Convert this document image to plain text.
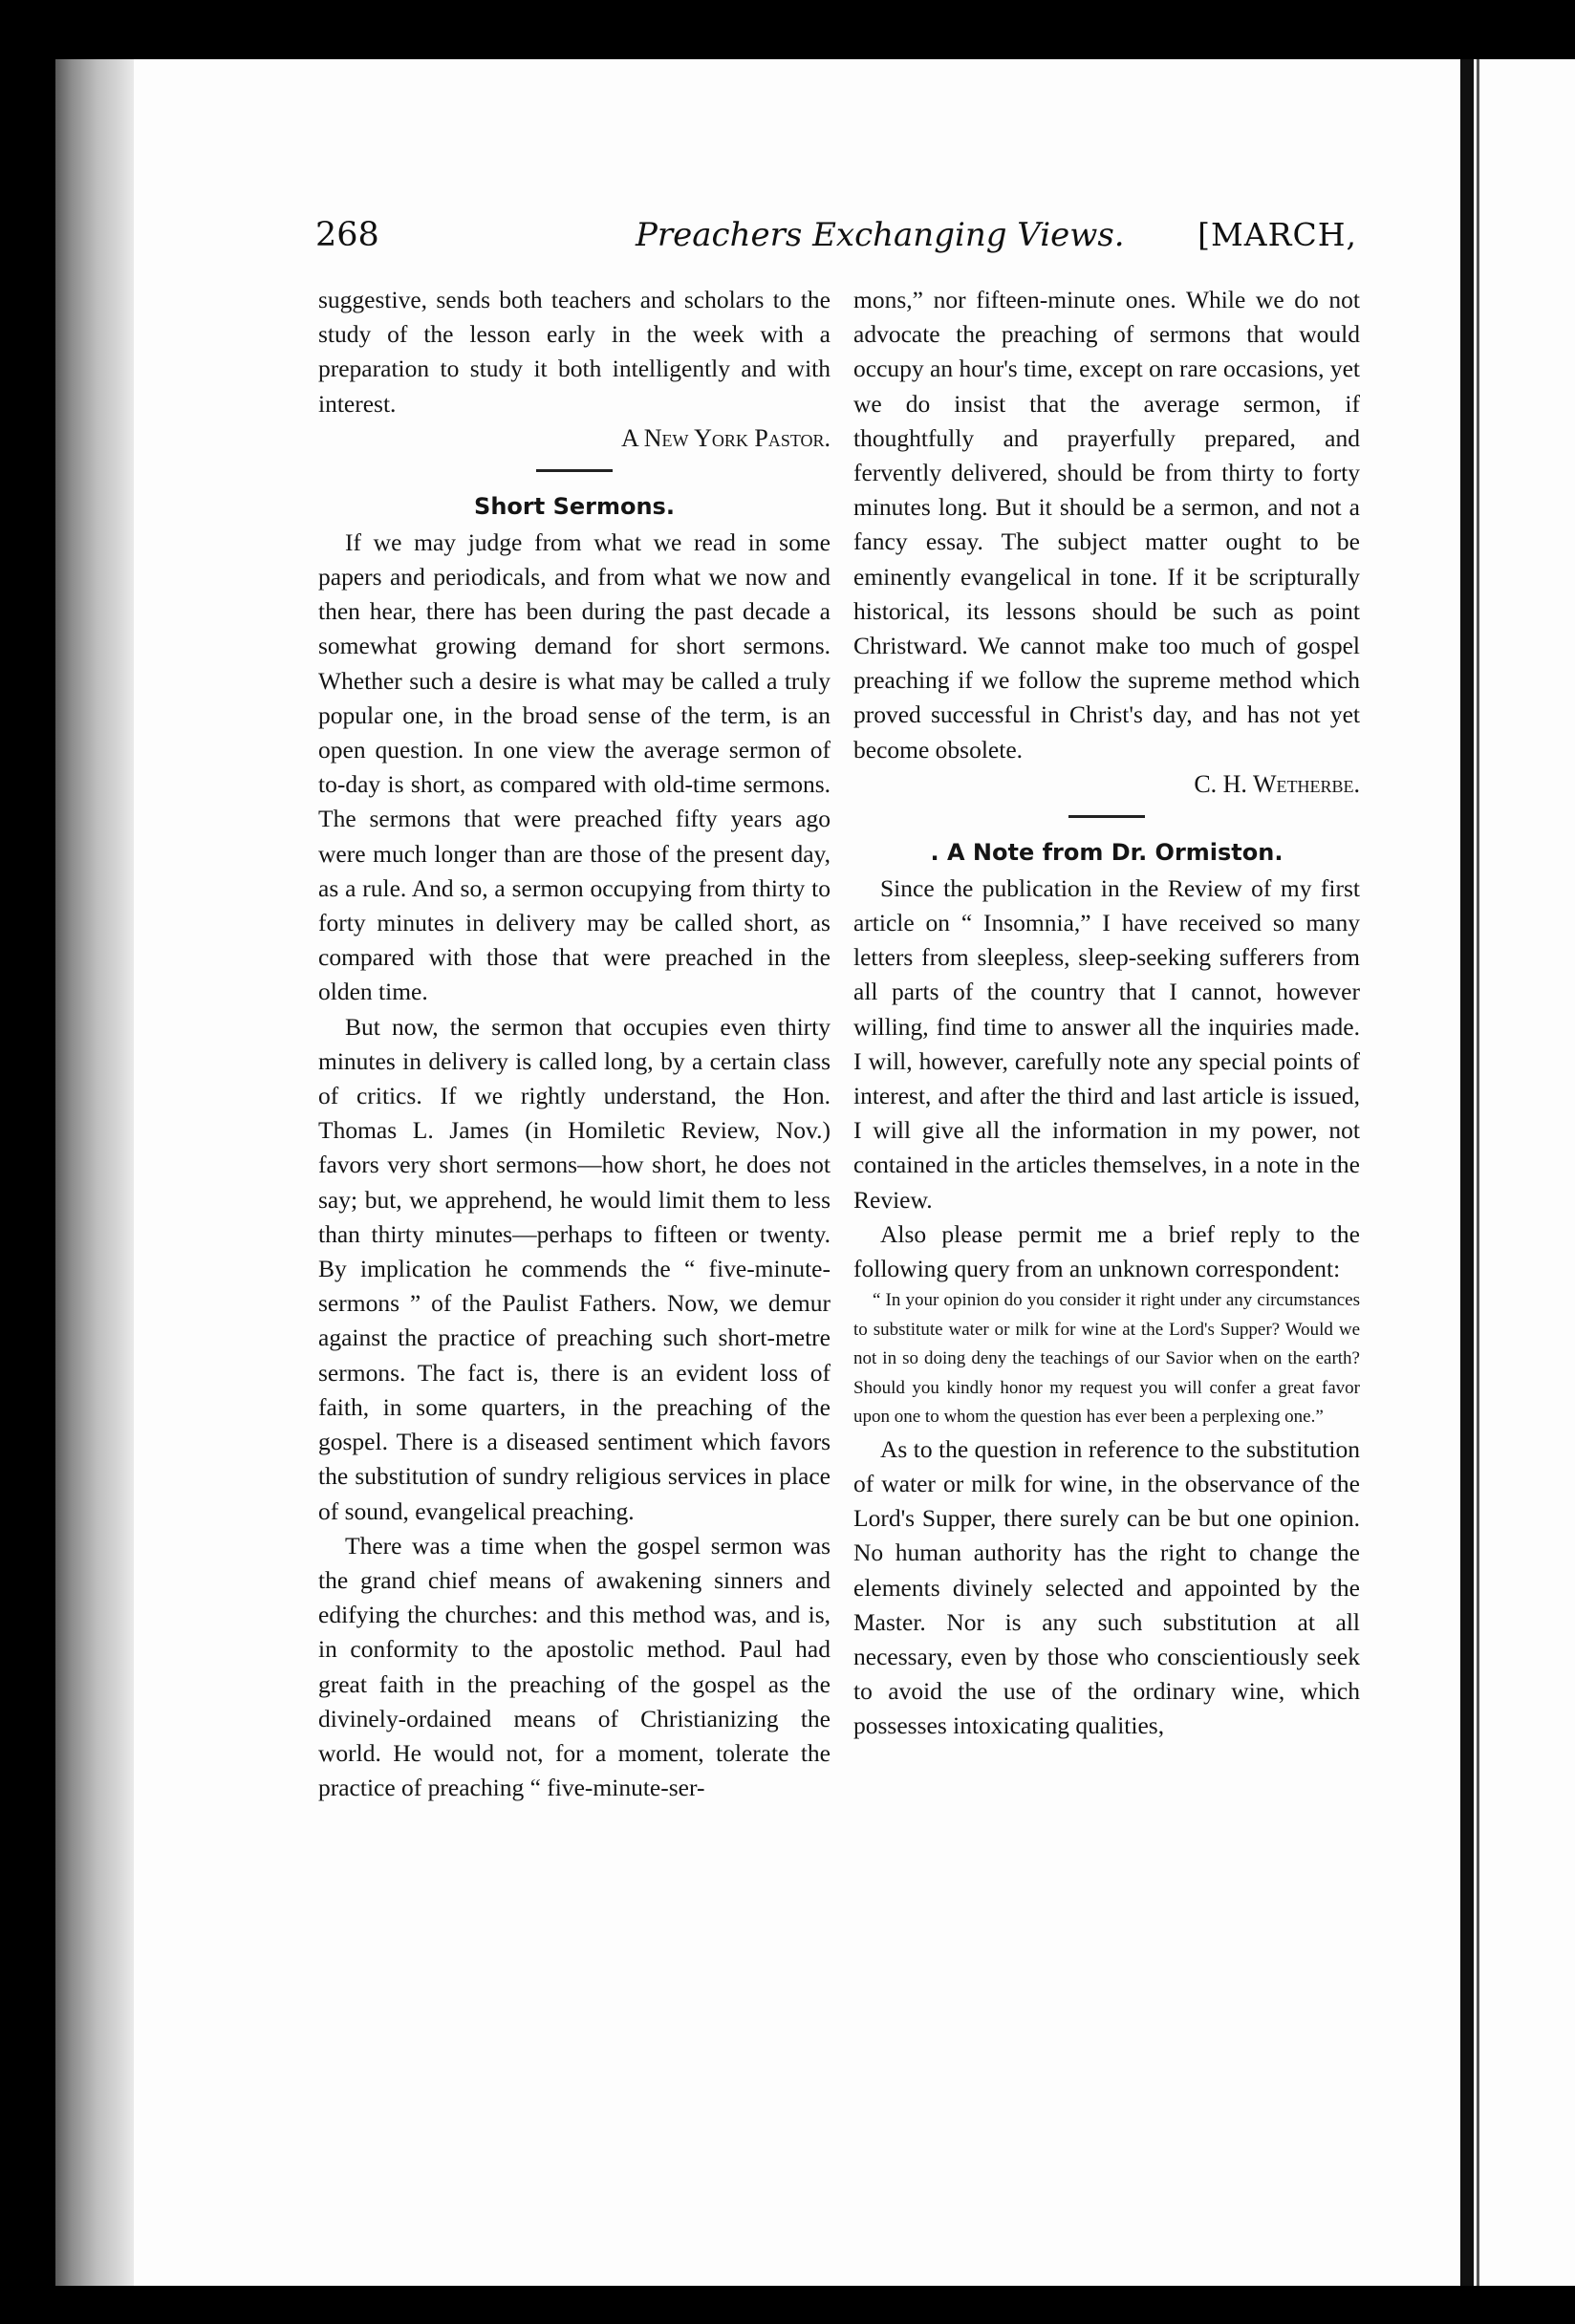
268	Preachers Exchanging Views. [MARCH,

suggestive, sends both teachers and scholars to the study of the lesson early in the week with a preparation to study it both intelligently and with interest.

A New York Pastor.
Short Sermons.

If we may judge from what we read in some papers and periodicals, and from what we now and then hear, there has been during the past decade a somewhat growing demand for short sermons. Whether such a desire is what may be called a truly popular one, in the broad sense of the term, is an open question. In one view the average sermon of to-day is short, as compared with old-time sermons. The sermons that were preached fifty years ago were much longer than are those of the present day, as a rule. And so, a sermon occupying from thirty to forty minutes in delivery may be called short, as compared with those that were preached in the olden time.

But now, the sermon that occupies even thirty minutes in delivery is called long, by a certain class of critics. If we rightly understand, the Hon. Thomas L. James (in Homiletic Review, Nov.) favors very short sermons—how short, he does not say; but, we apprehend, he would limit them to less than thirty minutes—perhaps to fifteen or twenty. By implication he commends the “ five-minute-sermons ” of the Paulist Fathers. Now, we demur against the practice of preaching such short-metre sermons. The fact is, there is an evident loss of faith, in some quarters, in the preaching of the gospel. There is a diseased sentiment which favors the substitution of sundry religious services in place of sound, evangelical preaching.

There was a time when the gospel sermon was the grand chief means of awakening sinners and edifying the churches: and this method was, and is, in conformity to the apostolic method. Paul had great faith in the preaching of the gospel as the divinely-ordained means of Christianizing the world. He would not, for a moment, tolerate the practice of preaching “ five-minute-ser-

mons,” nor fifteen-minute ones. While we do not advocate the preaching of sermons that would occupy an hour's time, except on rare occasions, yet we do insist that the average sermon, if thoughtfully and prayerfully prepared, and fervently delivered, should be from thirty to forty minutes long. But it should be a sermon, and not a fancy essay. The subject matter ought to be eminently evangelical in tone. If it be scripturally historical, its lessons should be such as point Christward. We cannot make too much of gospel preaching if we follow the supreme method which proved successful in Christ's day, and has not yet become obsolete.

C. H. Wetherbe.
. A Note from Dr. Ormiston.

Since the publication in the Review of my first article on “ Insomnia,” I have received so many letters from sleepless, sleep-seeking sufferers from all parts of the country that I cannot, however willing, find time to answer all the inquiries made. I will, however, carefully note any special points of interest, and after the third and last article is issued, I will give all the information in my power, not contained in the articles themselves, in a note in the Review.

Also please permit me a brief reply to the following query from an unknown correspondent:

“ In your opinion do you consider it right under any circumstances to substitute water or milk for wine at the Lord's Supper? Would we not in so doing deny the teachings of our Savior when on the earth? Should you kindly honor my request you will confer a great favor upon one to whom the question has ever been a perplexing one.”

As to the question in reference to the substitution of water or milk for wine, in the observance of the Lord's Supper, there surely can be but one opinion. No human authority has the right to change the elements divinely selected and appointed by the Master. Nor is any such substitution at all necessary, even by those who conscientiously seek to avoid the use of the ordinary wine, which possesses intoxicating qualities,
